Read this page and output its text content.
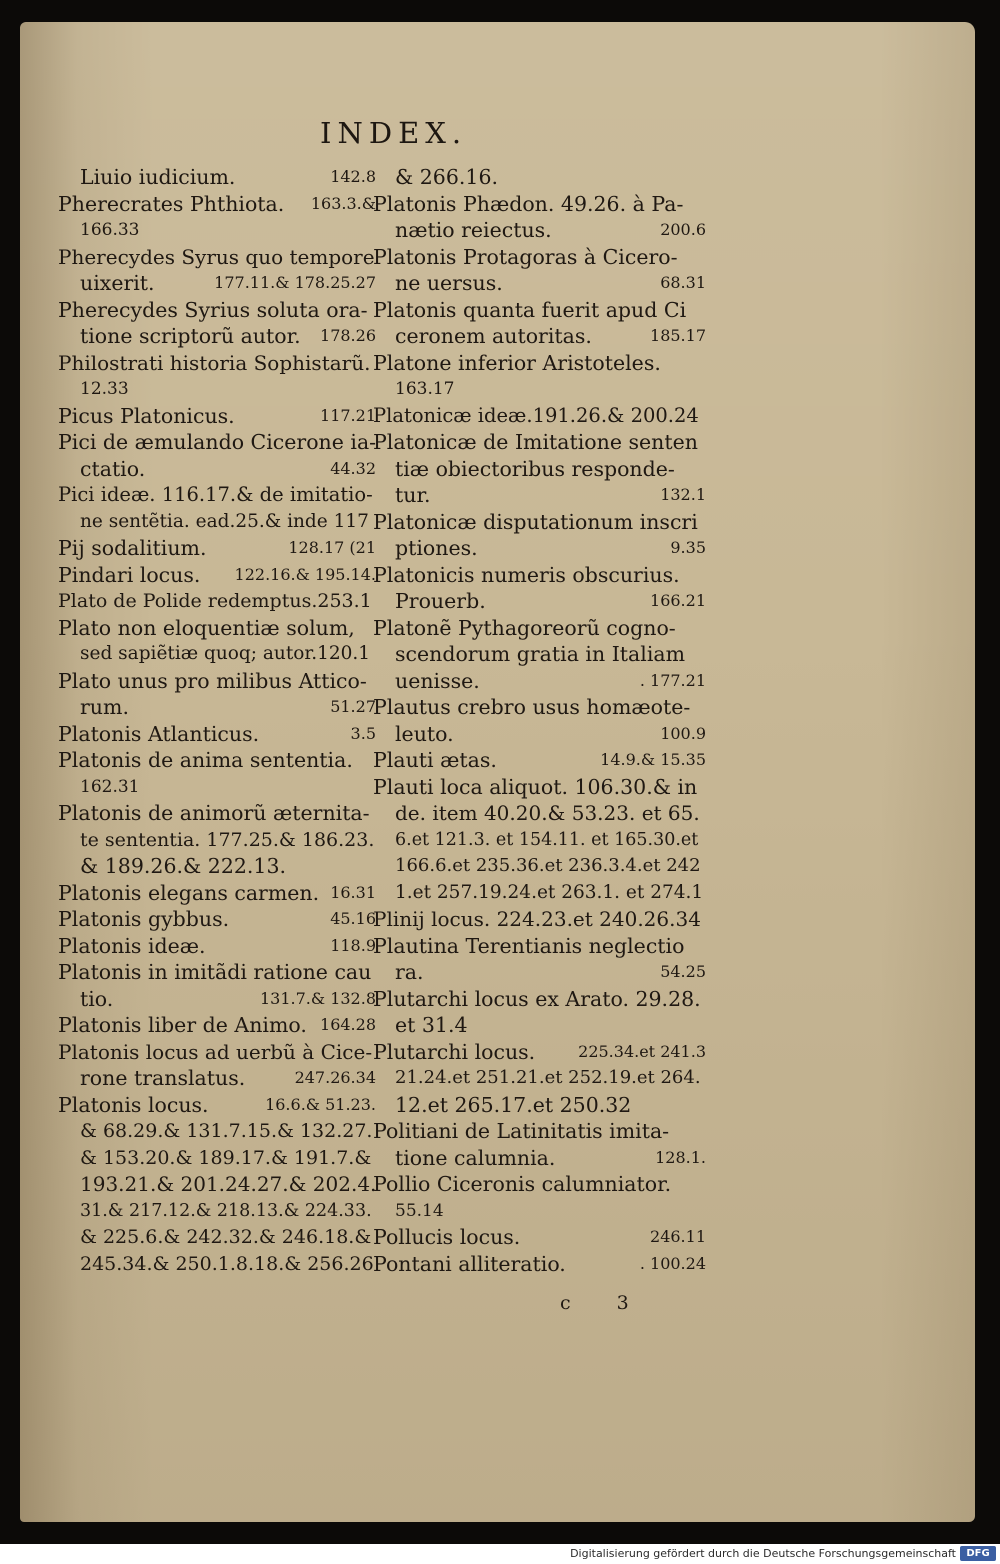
INDEX.
Liuio iudicium.	142.8
Pherecrates Phthiota. 163.3.&
166.33
Pherecydes Syrus quo tempore
uixerit.	177.11.& 178.25.27
Pherecydes Syrius soluta ora-
tione scriptorũ autor. 178.26
Philostrati historia Sophistarũ.
12.33
Picus Platonicus.	117.21
Pici de æmulando Cicerone ia-
ctatio.	44.32
Pici ideæ. 116.17.& de imitatio-
ne sentẽtia. ead.25.& inde 117
Pij sodalitium.	128.17 (21
Pindari locus. 122.16.& 195.14.
Plato de Polide redemptus.253.1
Plato non eloquentiæ solum,
sed sapiẽtiæ quoq; autor.120.1
Plato unus pro milibus Attico-
rum.	51.27
Platonis Atlanticus.	3.5
Platonis de anima sententia.
162.31
Platonis de animorũ æternita-
te sententia. 177.25.& 186.23.
& 189.26.& 222.13.
Platonis elegans carmen. 16.31
Platonis gybbus.	45.16
Platonis ideæ.	118.9
Platonis in imitãdi ratione cau
tio.	131.7.& 132.8
Platonis liber de Animo. 164.28
Platonis locus ad uerbũ à Cice-
rone translatus.	247.26.34
Platonis locus.	16.6.& 51.23.
& 68.29.& 131.7.15.& 132.27.
& 153.20.& 189.17.& 191.7.&
193.21.& 201.24.27.& 202.4.
31.& 217.12.& 218.13.& 224.33.
& 225.6.& 242.32.& 246.18.&
245.34.& 250.1.8.18.& 256.26
& 266.16.
Platonis Phædon. 49.26. à Pa-
nætio reiectus.	200.6
Platonis Protagoras à Cicero-
ne uersus.	68.31
Platonis quanta fuerit apud Ci
ceronem autoritas.	185.17
Platone inferior Aristoteles.
163.17
Platonicæ ideæ.191.26.& 200.24
Platonicæ de Imitatione senten
tiæ obiectoribus responde-
tur.	132.1
Platonicæ disputationum inscri
ptiones.	9.35
Platonicis numeris obscurius.
Prouerb.	166.21
Platonẽ Pythagoreorũ cogno-
scendorum gratia in Italiam
uenisse.	. 177.21
Plautus crebro usus homæote-
leuto.	100.9
Plauti ætas.	14.9.& 15.35
Plauti loca aliquot. 106.30.& in
de. item 40.20.& 53.23. et 65.
6.et 121.3. et 154.11. et 165.30.et
166.6.et 235.36.et 236.3.4.et 242
1.et 257.19.24.et 263.1. et 274.1
Plinij locus. 224.23.et 240.26.34
Plautina Terentianis neglectio
ra.	54.25
Plutarchi locus ex Arato. 29.28.
et 31.4
Plutarchi locus.	225.34.et 241.3
21.24.et 251.21.et 252.19.et 264.
12.et 265.17.et 250.32
Politiani de Latinitatis imita-
tione calumnia.	128.1.
Pollio Ciceronis calumniator.
55.14
Pollucis locus.	246.11
Pontani alliteratio.	. 100.24
c 3
Digitalisierung gefördert durch die Deutsche Forschungsgemeinschaft	DFG
